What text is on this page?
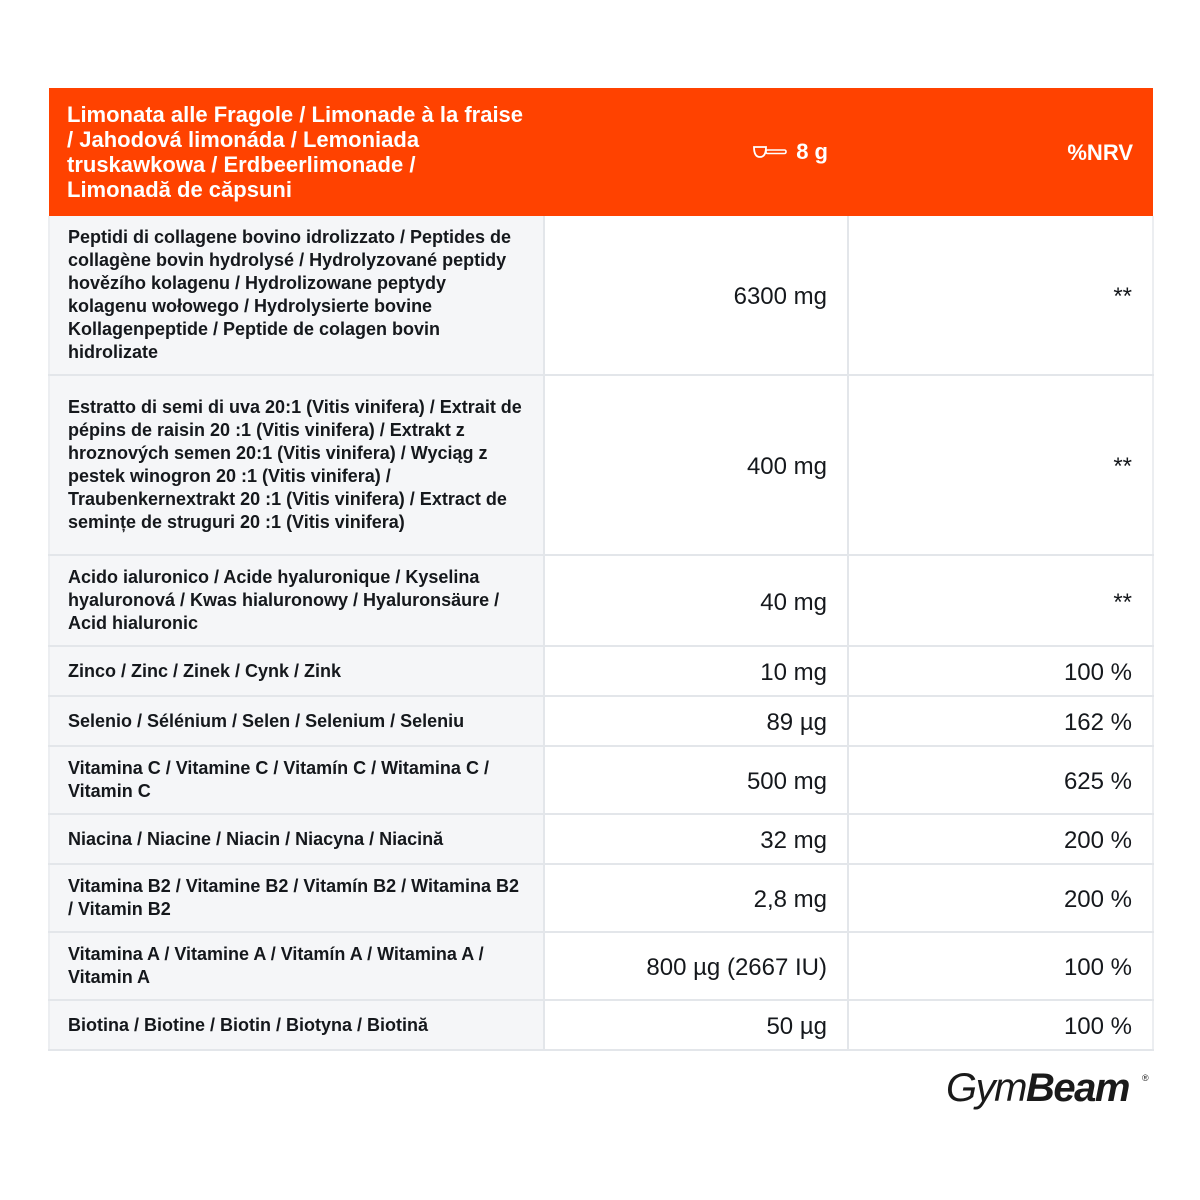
Limonata alle Fragole / Limonade à la fraise / Jahodová limonáda / Lemoniada truskawkowa / Erdbeerlimonade / Limonadă de căpsuni	8 g	%NRV
Peptidi di collagene bovino idrolizzato / Peptides de collagène bovin hydrolysé / Hydrolyzované peptidy hovězího kolagenu / Hydrolizowane peptydy kolagenu wołowego / Hydrolysierte bovine Kollagenpeptide / Peptide de colagen bovin hidrolizate	6300 mg	**
Estratto di semi di uva 20:1 (Vitis vinifera) / Extrait de pépins de raisin 20 :1 (Vitis vinifera) / Extrakt z hroznových semen 20:1 (Vitis vinifera) / Wyciąg z pestek winogron 20 :1 (Vitis vinifera) / Traubenkernextrakt 20 :1 (Vitis vinifera) / Extract de semințe de struguri 20 :1 (Vitis vinifera)	400 mg	**
Acido ialuronico / Acide hyaluronique / Kyselina hyaluronová / Kwas hialuronowy / Hyaluronsäure / Acid hialuronic	40 mg	**
Zinco / Zinc / Zinek / Cynk / Zink	10 mg	100 %
Selenio / Sélénium / Selen / Selenium / Seleniu	89 µg	162 %
Vitamina C / Vitamine C / Vitamín C / Witamina C / Vitamin C	500 mg	625 %
Niacina / Niacine / Niacin / Niacyna / Niacină	32 mg	200 %
Vitamina B2 / Vitamine B2 / Vitamín B2 / Witamina B2 / Vitamin B2	2,8 mg	200 %
Vitamina A / Vitamine A / Vitamín A / Witamina A / Vitamin A	800 µg (2667 IU)	100 %
Biotina / Biotine / Biotin / Biotyna / Biotină	50 µg	100 %
GymBeam ®
